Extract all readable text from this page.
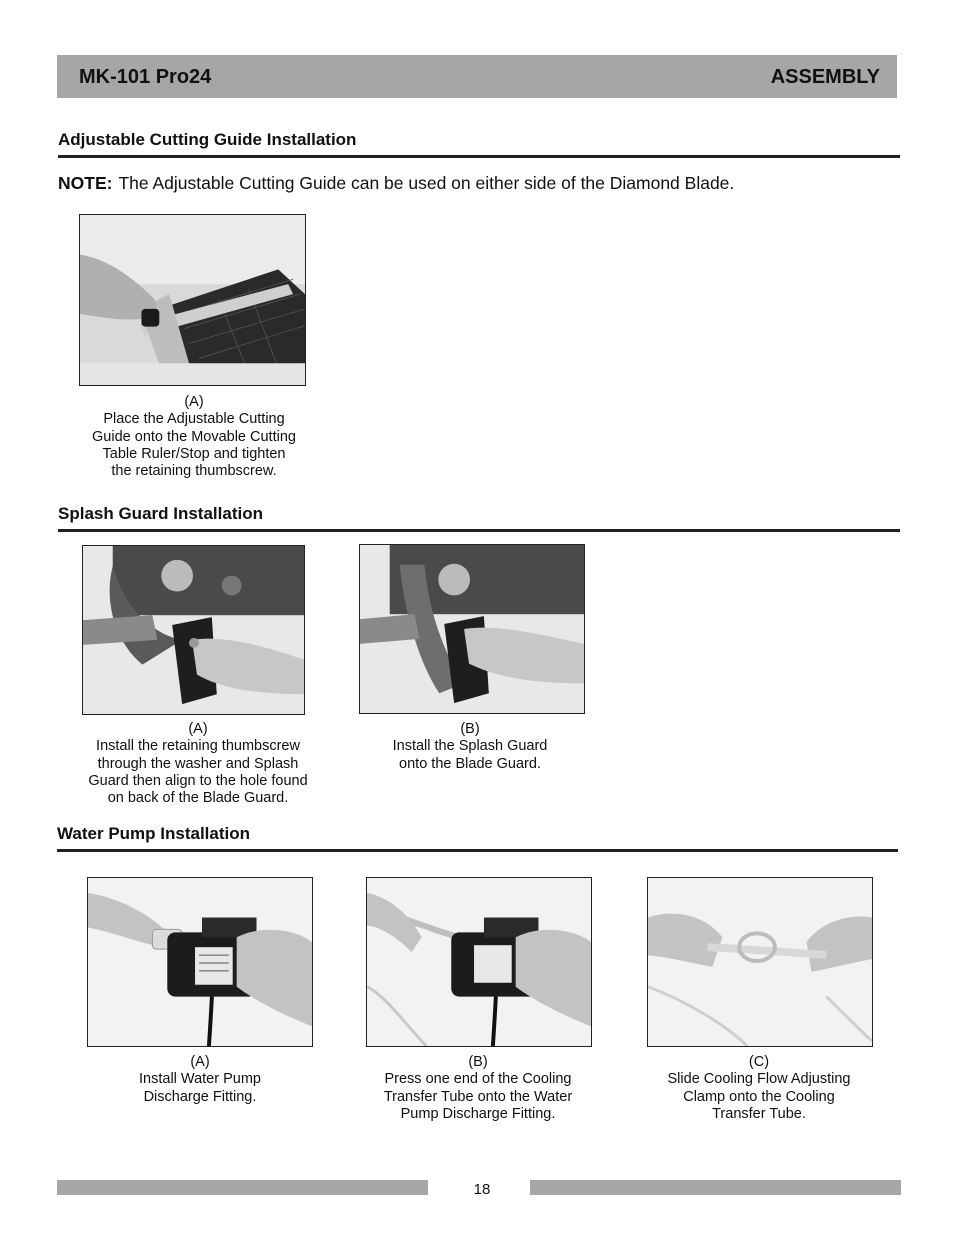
MK-101 Pro24	ASSEMBLY
Adjustable Cutting Guide Installation
NOTE: The Adjustable Cutting Guide can be used on either side of the Diamond Blade.
(A)
Place the Adjustable Cutting
Guide onto the Movable Cutting
Table Ruler/Stop and tighten
the retaining thumbscrew.
Splash Guard Installation
(A)
Install the retaining thumbscrew
through the washer and Splash
Guard then align to the hole found
on back of the Blade Guard.
(B)
Install the Splash Guard
onto the Blade Guard.
Water Pump Installation
(A)
Install Water Pump
Discharge Fitting.
(B)
Press one end of the Cooling
Transfer Tube onto the Water
Pump Discharge Fitting.
(C)
Slide Cooling Flow Adjusting
Clamp onto the Cooling
Transfer Tube.
18
